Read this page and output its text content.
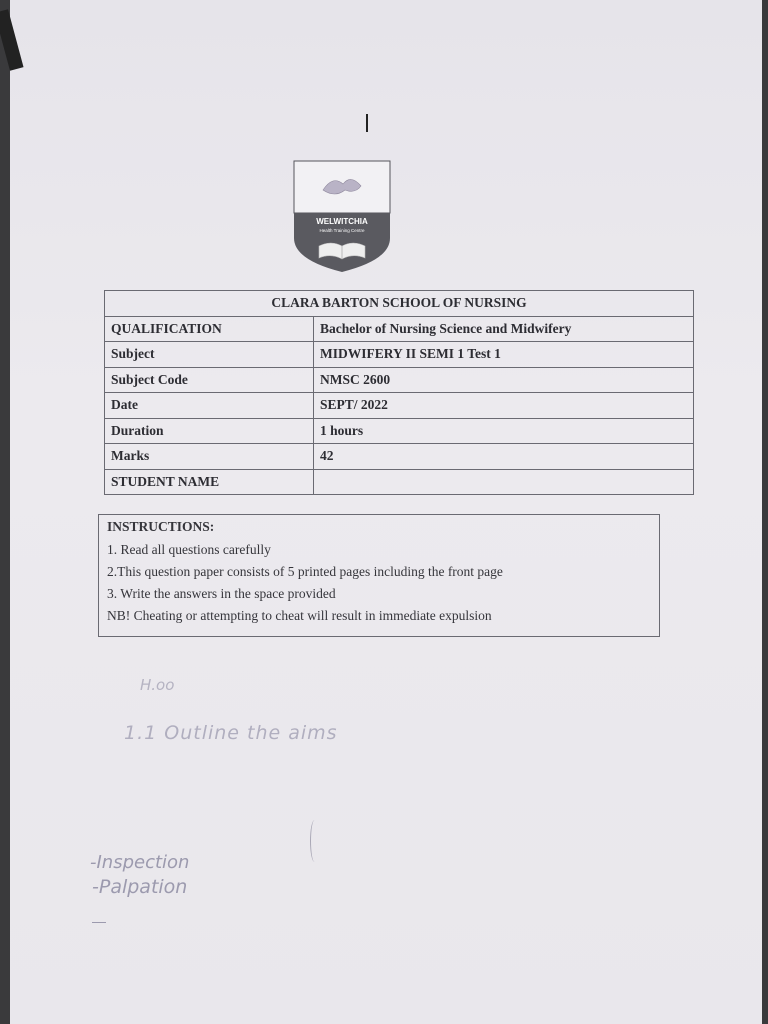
WELWITCHIA
Health Training Centre
CLARA BARTON SCHOOL OF NURSING	
QUALIFICATION	Bachelor of Nursing Science and Midwifery
Subject	MIDWIFERY II SEMI 1 Test 1
Subject Code	NMSC 2600
Date	SEPT/ 2022
Duration	1 hours
Marks	42
STUDENT NAME	
INSTRUCTIONS:
1. Read all questions carefully
2.This question paper consists of 5 printed pages including the front page
3. Write the answers in the space provided
NB! Cheating or attempting to cheat will result in immediate expulsion
H.oo
1.1 Outline the aims
-Inspection
-Palpation
